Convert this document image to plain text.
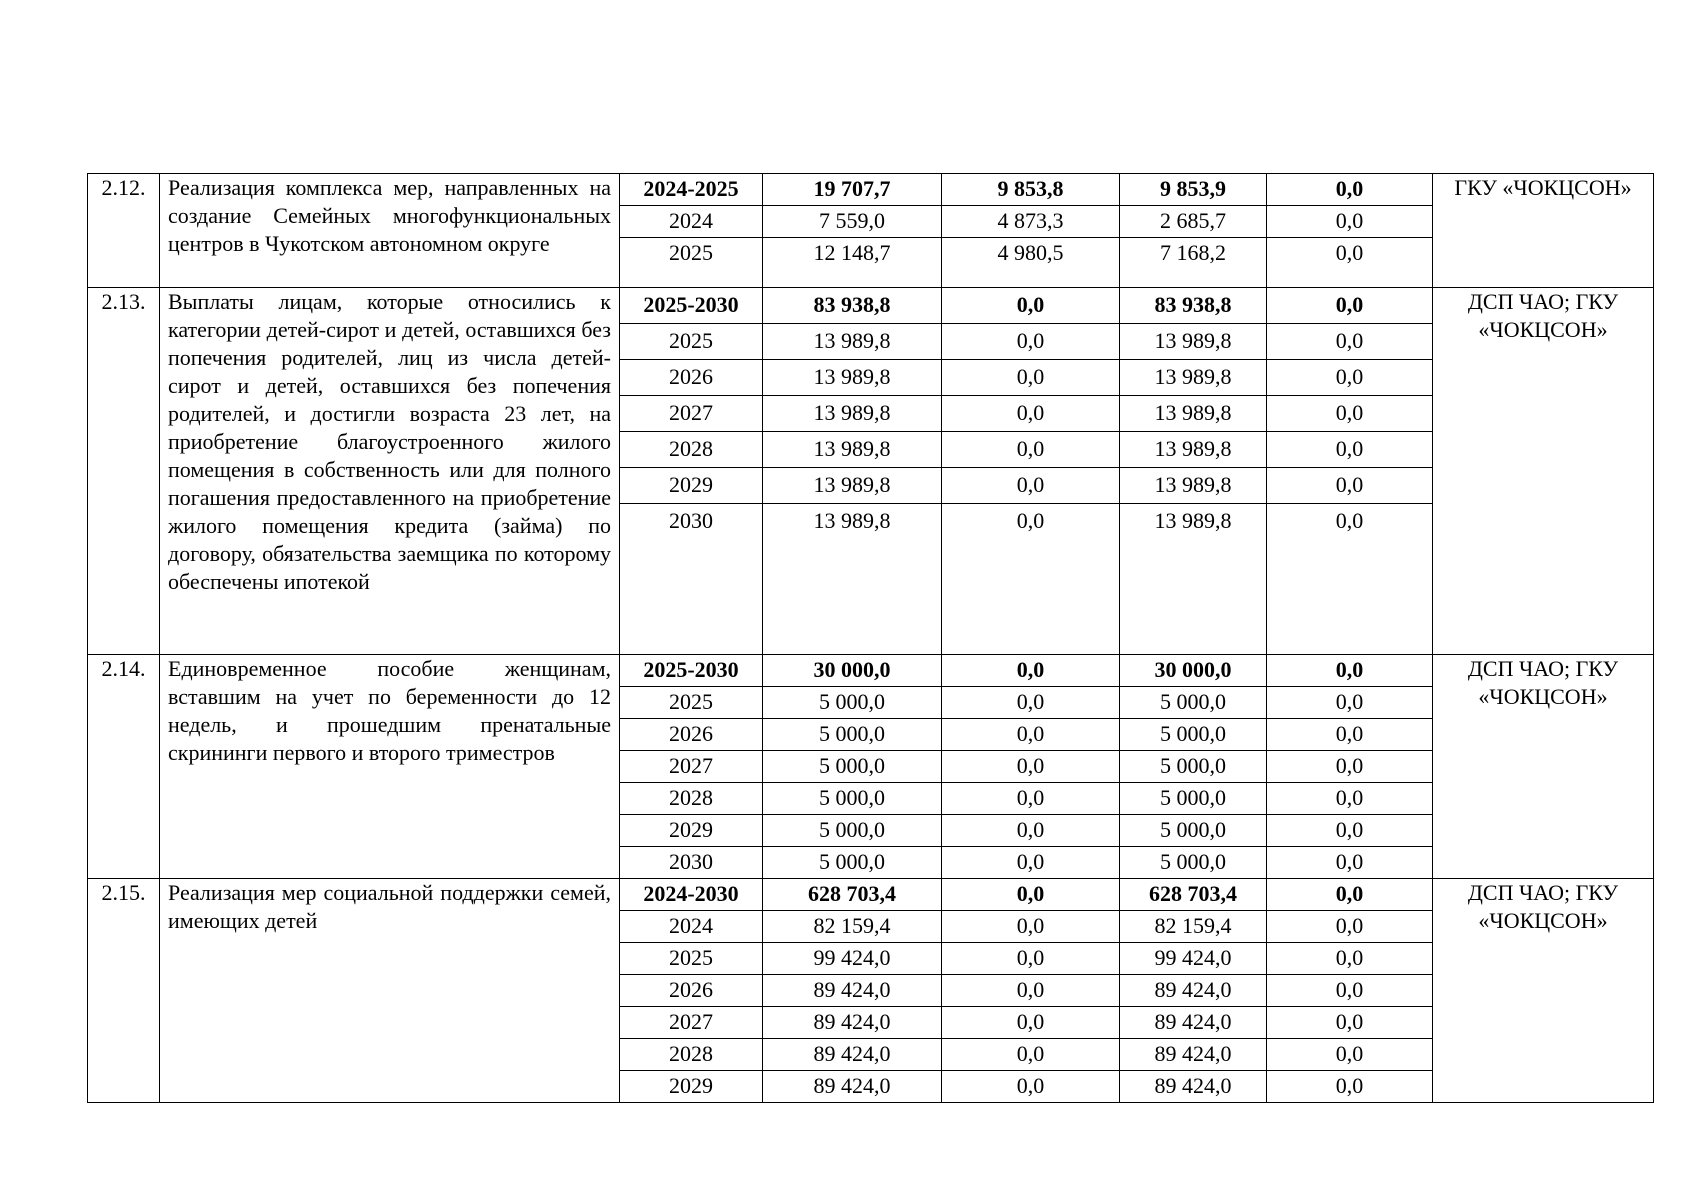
2.12.	Реализация комплекса мер, направленных на создание Семейных многофункциональных центров в Чукотском автономном округе	2024-2025	19 707,7	9 853,8	9 853,9	0,0	ГКУ «ЧОКЦСОН»
		2024	7 559,0	4 873,3	2 685,7	0,0	
		2025	12 148,7	4 980,5	7 168,2	0,0	
2.13.	Выплаты лицам, которые относились к категории детей-сирот и детей, оставшихся без попечения родителей, лиц из числа детей-сирот и детей, оставшихся без попечения родителей, и достигли возраста 23 лет, на приобретение благоустроенного жилого помещения в собственность или для полного погашения предоставленного на приобретение жилого помещения кредита (займа) по договору, обязательства заемщика по которому обеспечены ипотекой	2025-2030	83 938,8	0,0	83 938,8	0,0	ДСП ЧАО; ГКУ «ЧОКЦСОН»
		2025	13 989,8	0,0	13 989,8	0,0	
		2026	13 989,8	0,0	13 989,8	0,0	
		2027	13 989,8	0,0	13 989,8	0,0	
		2028	13 989,8	0,0	13 989,8	0,0	
		2029	13 989,8	0,0	13 989,8	0,0	
		2030	13 989,8	0,0	13 989,8	0,0	
2.14.	Единовременное пособие женщинам, вставшим на учет по беременности до 12 недель, и прошедшим пренатальные скрининги первого и второго триместров	2025-2030	30 000,0	0,0	30 000,0	0,0	ДСП ЧАО; ГКУ «ЧОКЦСОН»
		2025	5 000,0	0,0	5 000,0	0,0	
		2026	5 000,0	0,0	5 000,0	0,0	
		2027	5 000,0	0,0	5 000,0	0,0	
		2028	5 000,0	0,0	5 000,0	0,0	
		2029	5 000,0	0,0	5 000,0	0,0	
		2030	5 000,0	0,0	5 000,0	0,0	
2.15.	Реализация мер социальной поддержки семей, имеющих детей	2024-2030	628 703,4	0,0	628 703,4	0,0	ДСП ЧАО; ГКУ «ЧОКЦСОН»
		2024	82 159,4	0,0	82 159,4	0,0	
		2025	99 424,0	0,0	99 424,0	0,0	
		2026	89 424,0	0,0	89 424,0	0,0	
		2027	89 424,0	0,0	89 424,0	0,0	
		2028	89 424,0	0,0	89 424,0	0,0	
		2029	89 424,0	0,0	89 424,0	0,0	
